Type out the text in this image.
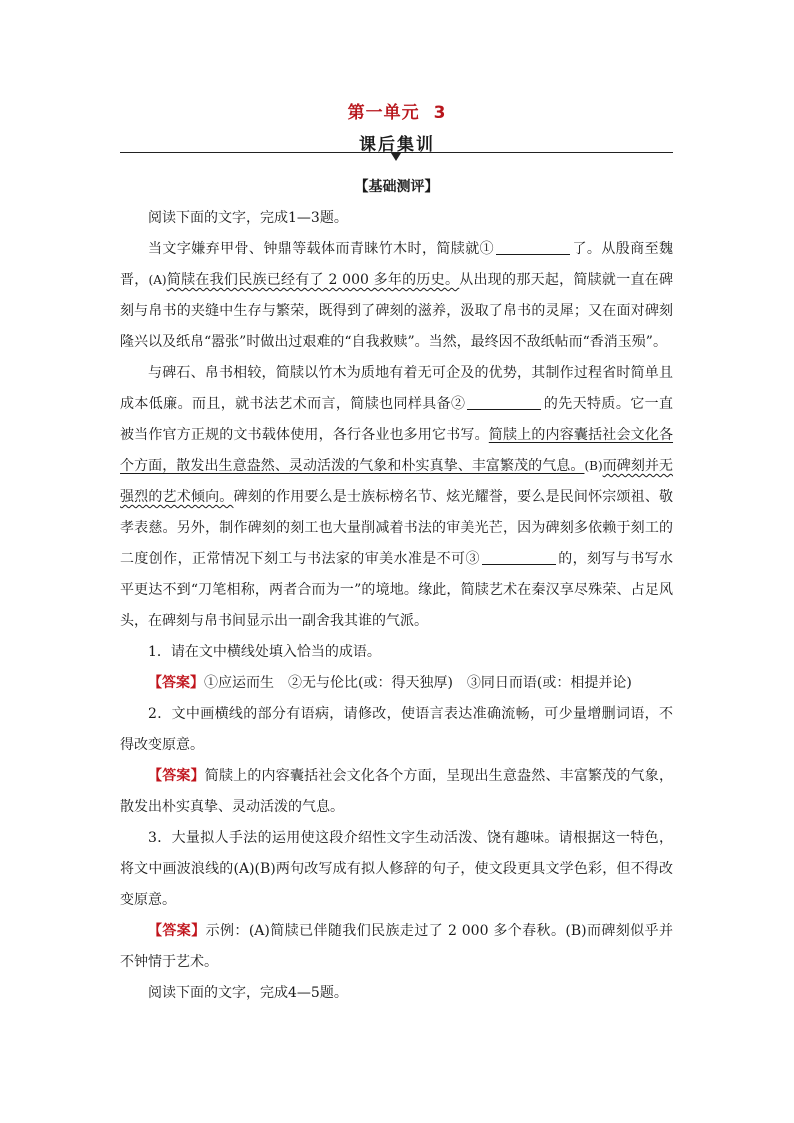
第一单元 3
课后集训
【基础测评】

阅读下面的文字，完成1—3题。

当文字嫌弃甲骨、钟鼎等载体而青睐竹木时，简牍就①	了。从殷商至魏晋，(A)简牍在我们民族已经有了 2 000 多年的历史。从出现的那天起，简牍就一直在碑刻与帛书的夹缝中生存与繁荣，既得到了碑刻的滋养，汲取了帛书的灵犀；又在面对碑刻隆兴以及纸帛“嚣张”时做出过艰难的“自我救赎”。当然，最终因不敌纸帖而“香消玉殒”。

与碑石、帛书相较，简牍以竹木为质地有着无可企及的优势，其制作过程省时简单且成本低廉。而且，就书法艺术而言，简牍也同样具备②	的先天特质。它一直被当作官方正规的文书载体使用，各行各业也多用它书写。简牍上的内容囊括社会文化各个方面，散发出生意盎然、灵动活泼的气象和朴实真挚、丰富繁茂的气息。(B)而碑刻并无强烈的艺术倾向。碑刻的作用要么是士族标榜名节、炫光耀誉，要么是民间怀宗颂祖、敬孝表慈。另外，制作碑刻的刻工也大量削减着书法的审美光芒，因为碑刻多依赖于刻工的二度创作，正常情况下刻工与书法家的审美水准是不可③	的，刻写与书写水平更达不到“刀笔相称，两者合而为一”的境地。缘此，简牍艺术在秦汉享尽殊荣、占足风头，在碑刻与帛书间显示出一副舍我其谁的气派。

1．请在文中横线处填入恰当的成语。

【答案】①应运而生　②无与伦比(或：得天独厚)　③同日而语(或：相提并论)

2．文中画横线的部分有语病，请修改，使语言表达准确流畅，可少量增删词语，不得改变原意。

【答案】简牍上的内容囊括社会文化各个方面，呈现出生意盎然、丰富繁茂的气象，散发出朴实真挚、灵动活泼的气息。

3．大量拟人手法的运用使这段介绍性文字生动活泼、饶有趣味。请根据这一特色，将文中画波浪线的(A)(B)两句改写成有拟人修辞的句子，使文段更具文学色彩，但不得改变原意。

【答案】示例：(A)简牍已伴随我们民族走过了 2 000 多个春秋。(B)而碑刻似乎并不钟情于艺术。

阅读下面的文字，完成4—5题。
